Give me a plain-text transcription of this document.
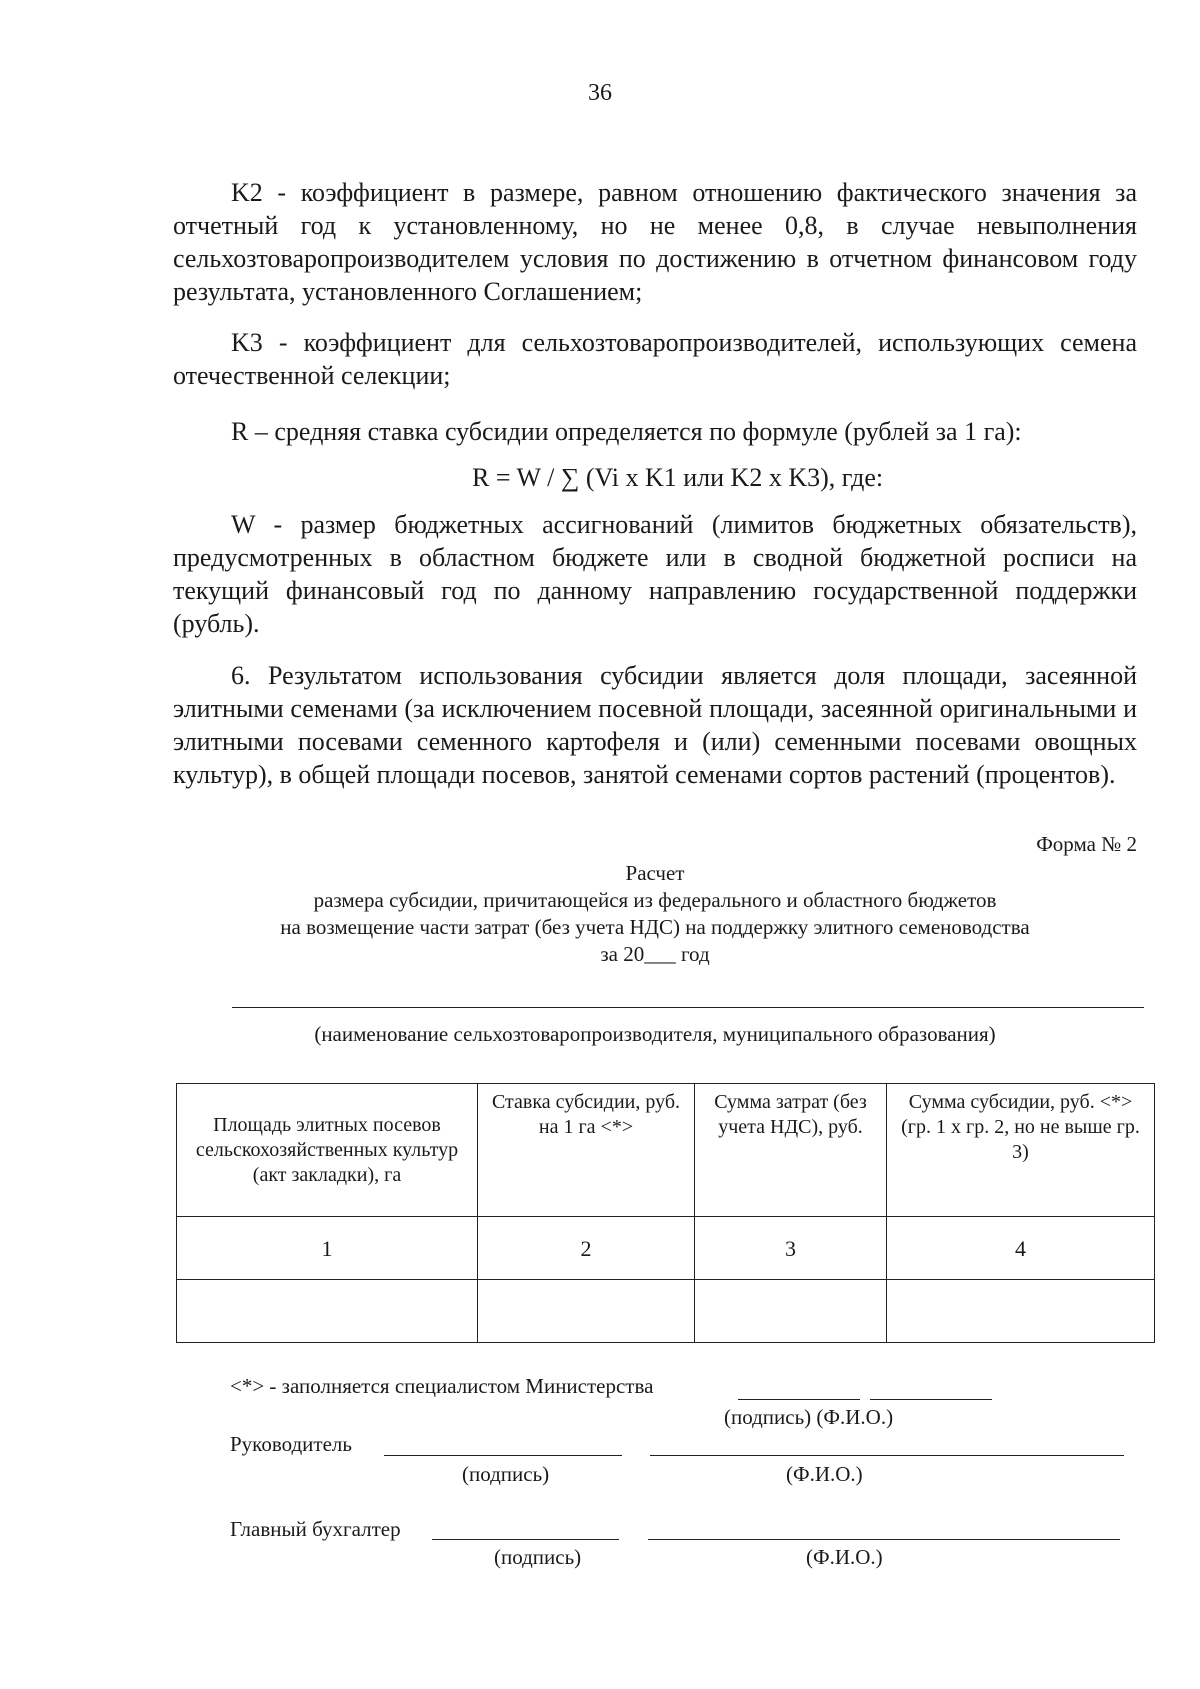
36

K2 - коэффициент в размере, равном отношению фактического значения за отчетный год к установленному, но не менее 0,8, в случае невыполнения сельхозтоваропроизводителем условия по достижению в отчетном финансовом году результата, установленного Соглашением;

K3 - коэффициент для сельхозтоваропроизводителей, использующих семена отечественной селекции;

R – средняя ставка субсидии определяется по формуле (рублей за 1 га):

R = W / ∑ (Vi x K1 или K2 x K3), где:

W - размер бюджетных ассигнований (лимитов бюджетных обязательств), предусмотренных в областном бюджете или в сводной бюджетной росписи на текущий финансовый год по данному направлению государственной поддержки (рубль).

6. Результатом использования субсидии является доля площади, засеянной элитными семенами (за исключением посевной площади, засеянной оригинальными и элитными посевами семенного картофеля и (или) семенными посевами овощных культур), в общей площади посевов, занятой семенами сортов растений (процентов).

Форма № 2
Расчет
размера субсидии, причитающейся из федерального и областного бюджетов
на возмещение части затрат (без учета НДС) на поддержку элитного семеноводства
за 20___ год
(наименование сельхозтоваропроизводителя, муниципального образования)
Площадь элитных посевов сельскохозяйственных культур (акт закладки), га	Ставка субсидии, руб. на 1 га <*>	Сумма затрат (без учета НДС), руб.	Сумма субсидии, руб. <*> (гр. 1 х гр. 2, но не выше гр. 3)
1	2	3	4

<*> - заполняется специалистом Министерства
(подпись) (Ф.И.О.)
Руководитель
(подпись)	(Ф.И.О.)
Главный бухгалтер
(подпись)	(Ф.И.О.)
